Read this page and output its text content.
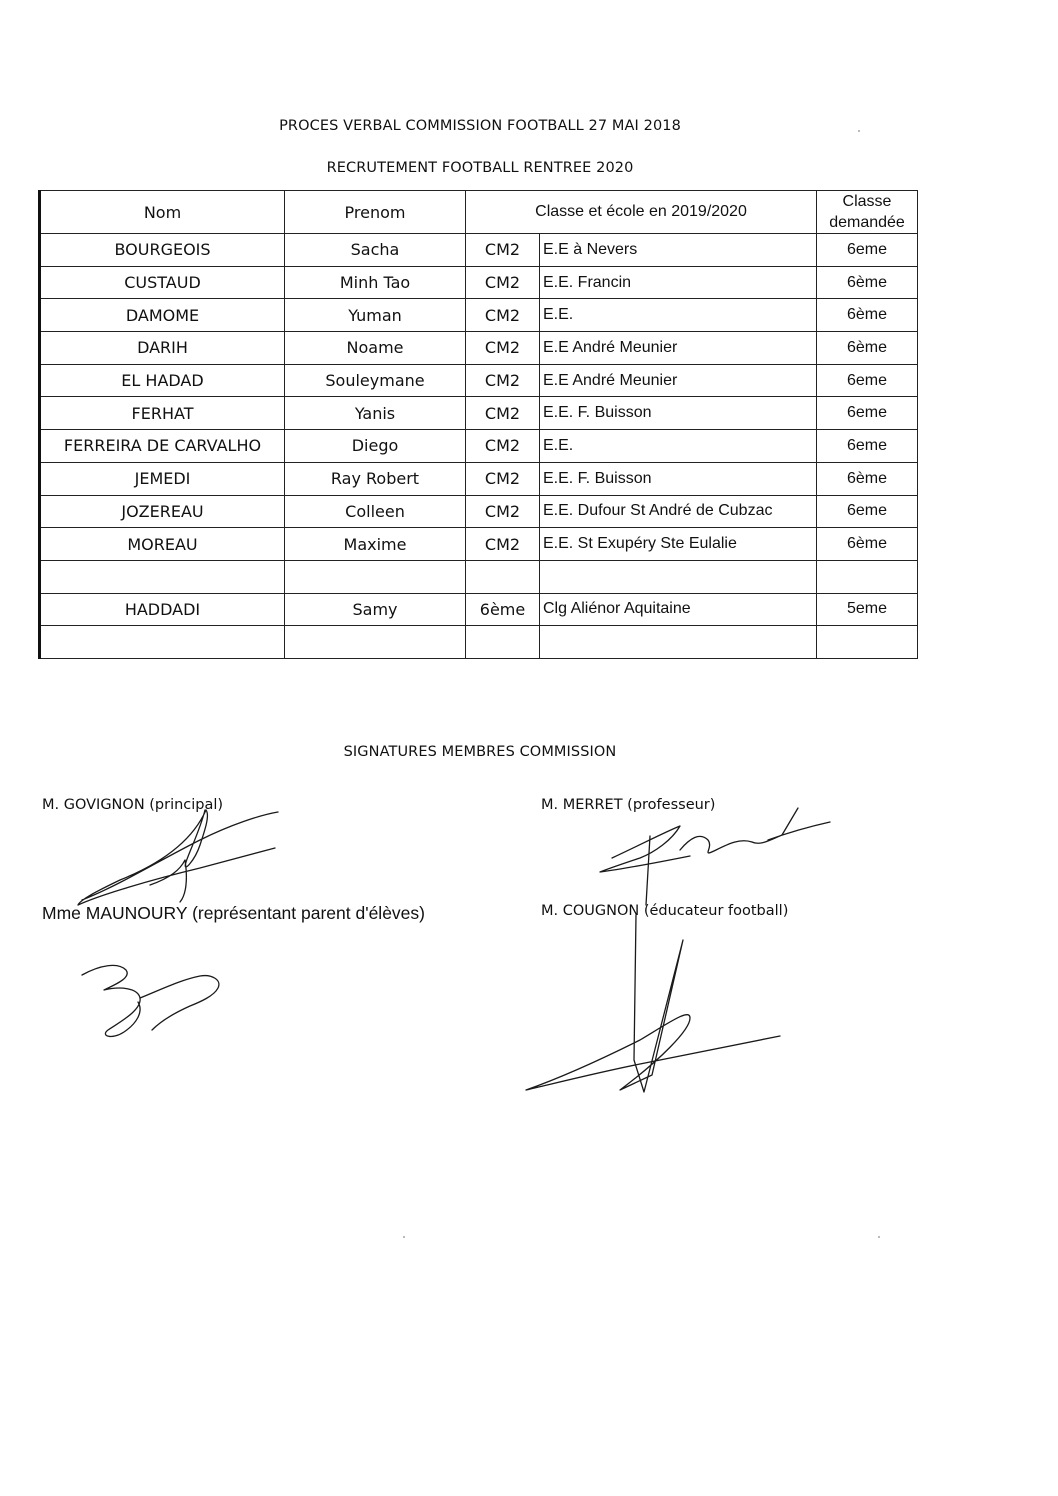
PROCES VERBAL COMMISSION FOOTBALL 27 MAI 2018
RECRUTEMENT FOOTBALL RENTREE 2020
Nom	Prenom	Classe et école en 2019/2020		Classe
demandée
BOURGEOIS	Sacha	CM2	E.E à Nevers	6eme
CUSTAUD	Minh Tao	CM2	E.E. Francin	6ème
DAMOME	Yuman	CM2	E.E.	6ème
DARIH	Noame	CM2	E.E André Meunier	6ème
EL HADAD	Souleymane	CM2	E.E André Meunier	6eme
FERHAT	Yanis	CM2	E.E. F. Buisson	6eme
FERREIRA DE CARVALHO	Diego	CM2	E.E.	6eme
JEMEDI	Ray Robert	CM2	E.E. F. Buisson	6ème
JOZEREAU	Colleen	CM2	E.E. Dufour St André de Cubzac	6eme
MOREAU	Maxime	CM2	E.E. St Exupéry Ste Eulalie	6ème

HADDADI	Samy	6ème	Clg Aliénor Aquitaine	5eme

SIGNATURES MEMBRES COMMISSION
M. GOVIGNON (principal)	M. MERRET (professeur)
Mme MAUNOURY (représentant parent d'élèves)	M. COUGNON (éducateur football)
